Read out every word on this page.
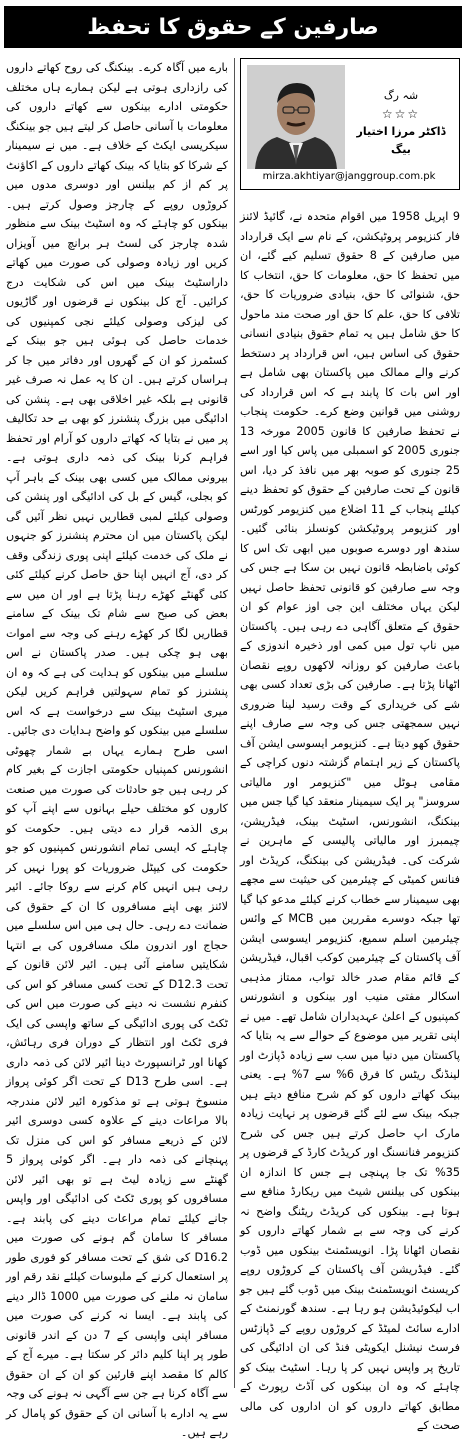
صارفین کے حقوق کا تحفظ
شہ رگ
☆☆☆
ڈاکٹر مرزا اختیار بیگ
mirza.akhtiyar@janggroup.com.pk

9 اپریل 1958 میں اقوام متحدہ نے، گائیڈ لائنز فار کنزیومر پروٹیکشن، کے نام سے ایک قرارداد میں صارفین کے 8 حقوق تسلیم کیے گئے، ان میں تحفظ کا حق، معلومات کا حق، انتخاب کا حق، شنوائی کا حق، بنیادی ضروریات کا حق، تلافی کا حق، علم کا حق اور صحت مند ماحول کا حق شامل ہیں یہ تمام حقوق بنیادی انسانی حقوق کی اساس ہیں، اس قرارداد پر دستخط کرنے والے ممالک میں پاکستان بھی شامل ہے اور اس بات کا پابند ہے کہ اس قرارداد کی روشنی میں قوانین وضع کرے۔ حکومت پنجاب نے تحفظ صارفین کا قانون 2005 مورخہ 13 جنوری 2005 کو اسمبلی میں پاس کیا اور اسے 25 جنوری کو صوبہ بھر میں نافذ کر دیا، اس قانون کے تحت صارفین کے حقوق کو تحفظ دینے کیلئے پنجاب کے 11 اضلاع میں کنزیومر کورٹس اور کنزیومر پروٹیکشن کونسلز بنائی گئیں۔ سندھ اور دوسرے صوبوں میں ابھی تک اس کا کوئی باضابطہ قانون نہیں بن سکا ہے جس کی وجہ سے صارفین کو قانونی تحفظ حاصل نہیں لیکن یہاں مختلف این جی اوز عوام کو ان حقوق کے متعلق آگاہی دے رہی ہیں۔ پاکستان میں ناپ تول میں کمی اور ذخیرہ اندوزی کے باعث صارفین کو روزانہ لاکھوں روپے نقصان اٹھانا پڑتا ہے۔ صارفین کی بڑی تعداد کسی بھی شے کی خریداری کے وقت رسید لینا ضروری نہیں سمجھتی جس کی وجہ سے صارف اپنے حقوق کھو دیتا ہے۔ کنزیومر ایسوسی ایشن آف پاکستان کے زیر اہتمام گزشتہ دنوں کراچی کے مقامی ہوٹل میں "کنزیومر اور مالیاتی سروسز" پر ایک سیمینار منعقد کیا گیا جس میں بینکنگ، انشورنس، اسٹیٹ بینک، فیڈریشن، چیمبرز اور مالیاتی پالیسی کے ماہرین نے شرکت کی۔ فیڈریشن کی بینکنگ، کریڈٹ اور فنانس کمیٹی کے چیئرمین کی حیثیت سے مجھے بھی سیمینار سے خطاب کرنے کیلئے مدعو کیا گیا تھا جبکہ دوسرے مقررین میں MCB کے وائس چیئرمین اسلم سمیع، کنزیومر ایسوسی ایشن آف پاکستان کے چیئرمین کوکب اقبال، فیڈریشن کے قائم مقام صدر خالد تواب، ممتاز مذہبی اسکالر مفتی منیب اور بینکوں و انشورنس کمپنیوں کے اعلیٰ عہدیداران شامل تھے۔ میں نے اپنی تقریر میں موضوع کے حوالے سے یہ بتایا کہ پاکستان میں دنیا میں سب سے زیادہ ڈپازٹ اور لینڈنگ ریٹس کا فرق 6% سے 7% ہے۔ یعنی بینک کھاتے داروں کو کم شرح منافع دیتے ہیں جبکہ بینک سے لئے گئے قرضوں پر نہایت زیادہ مارک اپ حاصل کرتے ہیں جس کی شرح کنزیومر فنانسنگ اور کریڈٹ کارڈ کے قرضوں پر 35% تک جا پہنچی ہے جس کا اندازہ ان بینکوں کی بیلنس شیٹ میں ریکارڈ منافع سے ہوتا ہے۔ بینکوں کی کریڈٹ ریٹنگ واضح نہ کرنے کی وجہ سے بے شمار کھاتے داروں کو نقصان اٹھانا پڑا۔ انویسٹمنٹ بینکوں میں ڈوب گئے۔ فیڈریشن آف پاکستان کے کروڑوں روپے کریسنٹ انویسٹمنٹ بینک میں ڈوب گئے ہیں جو اب لیکوئیڈیشن ہو رہا ہے۔ سندھ گورنمنٹ کے ادارے سائٹ لمیٹڈ کے کروڑوں روپے کے ڈپازٹس فرسٹ نیشنل ایکویٹی فنڈ کی ان ادائیگی کی تاریخ پر واپس نہیں کر پا رہا۔ اسٹیٹ بینک کو چاہئے کہ وہ ان بینکوں کی آڈٹ رپورٹ کے مطابق کھاتے داروں کو ان اداروں کی مالی صحت کے

بارے میں آگاہ کرے۔ بینکنگ کی روح کھاتے داروں کی رازداری ہوتی ہے لیکن ہمارے ہاں مختلف حکومتی ادارے بینکوں سے کھاتے داروں کی معلومات با آسانی حاصل کر لیتے ہیں جو بینکنگ سیکریسی ایکٹ کے خلاف ہے۔ میں نے سیمینار کے شرکا کو بتایا کہ بینک کھاتے داروں کے اکاؤنٹ پر کم از کم بیلنس اور دوسری مدوں میں کروڑوں روپے کے چارجز وصول کرتے ہیں۔ بینکوں کو چاہئے کہ وہ اسٹیٹ بینک سے منظور شدہ چارجز کی لسٹ ہر برانچ میں آویزاں کریں اور زیادہ وصولی کی صورت میں کھاتے داراسٹیٹ بینک میں اس کی شکایت درج کرائیں۔ آج کل بینکوں نے قرضوں اور گاڑیوں کی لیزکی وصولی کیلئے نجی کمپنیوں کی خدمات حاصل کی ہوئی ہیں جو بینک کے کسٹمرز کو ان کے گھروں اور دفاتر میں جا کر ہراساں کرتے ہیں۔ ان کا یہ عمل نہ صرف غیر قانونی ہے بلکہ غیر اخلاقی بھی ہے۔ پنشن کی ادائیگی میں بزرگ پنشنرز کو بھی بے حد تکالیف پر میں نے بتایا کہ کھاتے داروں کو آرام اور تحفظ فراہم کرنا بینک کی ذمہ داری ہوتی ہے۔ بیرونی ممالک میں کسی بھی بینک کے باہر آپ کو بجلی، گیس کے بل کی ادائیگی اور پنشن کی وصولی کیلئے لمبی قطاریں نہیں نظر آئیں گی لیکن پاکستان میں ان محترم پنشنرز کو جنہوں نے ملک کی خدمت کیلئے اپنی پوری زندگی وقف کر دی، آج انہیں اپنا حق حاصل کرنے کیلئے کئی کئی گھنٹے کھڑے رہنا پڑتا ہے اور ان میں سے بعض کی صبح سے شام تک بینک کے سامنے قطاریں لگا کر کھڑے رہنے کی وجہ سے اموات بھی ہو چکی ہیں۔ صدر پاکستان نے اس سلسلے میں بینکوں کو ہدایت کی ہے کہ وہ ان پنشنرز کو تمام سہولتیں فراہم کریں لیکن میری اسٹیٹ بینک سے درخواست ہے کہ اس سلسلے میں بینکوں کو واضح ہدایات دی جائیں۔ اسی طرح ہمارے یہاں بے شمار چھوٹی انشورنس کمپنیاں حکومتی اجازت کے بغیر کام کر رہی ہیں جو حادثات کی صورت میں صنعت کاروں کو مختلف حیلے بہانوں سے اپنے آپ کو بری الذمہ قرار دے دیتی ہیں۔ حکومت کو چاہئے کہ ایسی تمام انشورنس کمپنیوں کو جو حکومت کی کیپٹل ضروریات کو پورا نہیں کر رہی ہیں انہیں کام کرنے سے روکا جائے۔ ائیر لائنز بھی اپنے مسافروں کا ان کے حقوق کی ضمانت دے رہی۔ حال ہی میں اس سلسلے میں حجاج اور اندرون ملک مسافروں کی بے انتہا شکایتیں سامنے آئی ہیں۔ ائیر لائن قانون کے تحت D12.3 کے تحت کسی مسافر کو اس کی کنفرم نشست نہ دینے کی صورت میں اس کی ٹکٹ کی پوری ادائیگی کے ساتھ واپسی کی ایک فری ٹکٹ اور انتظار کے دوران فری رہائش، کھانا اور ٹرانسپورٹ دینا ائیر لائن کی ذمہ داری ہے۔ اسی طرح D13 کے تحت اگر کوئی پرواز منسوخ ہوتی ہے تو مذکورہ ائیر لائن مندرجہ بالا مراعات دینے کے علاوہ کسی دوسری ائیر لائن کے ذریعے مسافر کو اس کی منزل تک پہنچانے کی ذمہ دار ہے۔ اگر کوئی پرواز 5 گھنٹے سے زیادہ لیٹ ہے تو بھی ائیر لائن مسافروں کو پوری ٹکٹ کی ادائیگی اور واپس جانے کیلئے تمام مراعات دینے کی پابند ہے۔ مسافر کا سامان گم ہونے کی صورت میں D16.2 کی شق کے تحت مسافر کو فوری طور پر استعمال کرنے کے ملبوسات کیلئے نقد رقم اور سامان نہ ملنے کی صورت میں 1000 ڈالر دینے کی پابند ہے۔ ایسا نہ کرنے کی صورت میں مسافر اپنی واپسی کے 7 دن کے اندر قانونی طور پر اپنا کلیم دائر کر سکتا ہے۔ میرے آج کے کالم کا مقصد اپنے قارئین کو ان کے ان حقوق سے آگاہ کرنا ہے جن سے آگہی نہ ہونے کی وجہ سے یہ ادارے با آسانی ان کے حقوق کو پامال کر رہے ہیں۔
